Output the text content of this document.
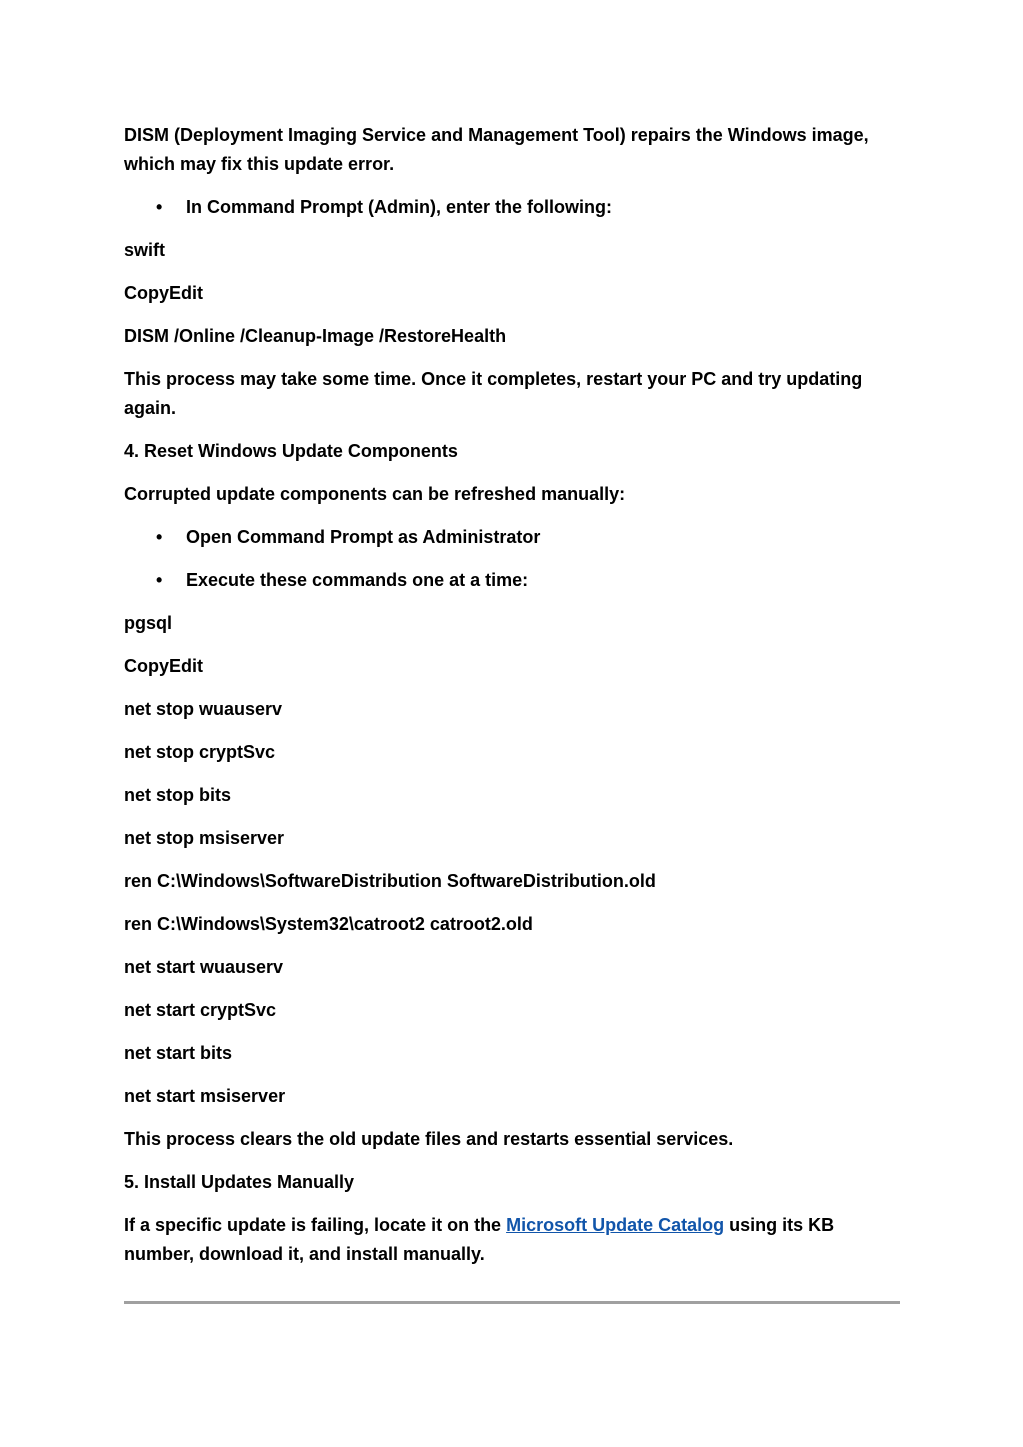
DISM (Deployment Imaging Service and Management Tool) repairs the Windows image, which may fix this update error.

• In Command Prompt (Admin), enter the following:

swift

CopyEdit

DISM /Online /Cleanup-Image /RestoreHealth

This process may take some time. Once it completes, restart your PC and try updating again.

4. Reset Windows Update Components

Corrupted update components can be refreshed manually:

• Open Command Prompt as Administrator

• Execute these commands one at a time:

pgsql

CopyEdit

net stop wuauserv

net stop cryptSvc

net stop bits

net stop msiserver

ren C:\Windows\SoftwareDistribution SoftwareDistribution.old

ren C:\Windows\System32\catroot2 catroot2.old

net start wuauserv

net start cryptSvc

net start bits

net start msiserver

This process clears the old update files and restarts essential services.

5. Install Updates Manually

If a specific update is failing, locate it on the Microsoft Update Catalog using its KB number, download it, and install manually.
